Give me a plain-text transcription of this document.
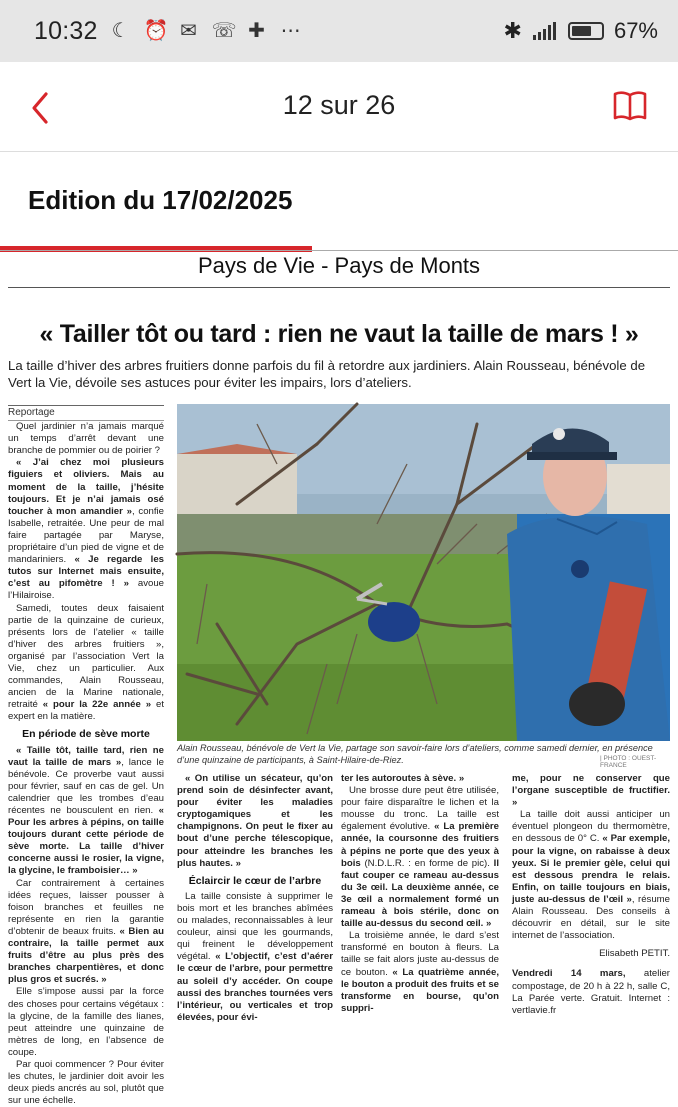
10:32 ☾ ⏰ ✉ ☏ ✚ ⋯	✱	67%
12 sur 26
Edition du 17/02/2025
Pays de Vie - Pays de Monts
« Tailler tôt ou tard : rien ne vaut la taille de mars ! »
La taille d’hiver des arbres fruitiers donne parfois du fil à retordre aux jardiniers. Alain Rousseau, bénévole de Vert la Vie, dévoile ses astuces pour éviter les impairs, lors d’ateliers.

Reportage

Quel jardinier n’a jamais marqué un temps d’arrêt devant une branche de pommier ou de poirier ?

« J’ai chez moi plusieurs figuiers et oliviers. Mais au moment de la taille, j’hésite toujours. Et je n’ai jamais osé toucher à mon amandier », confie Isabelle, retraitée. Une peur de mal faire partagée par Maryse, propriétaire d’un pied de vigne et de mandariniers. « Je regarde les tutos sur Internet mais ensuite, c’est au pifomètre ! » avoue l’Hilairoise.

Samedi, toutes deux faisaient partie de la quinzaine de curieux, présents lors de l’atelier « taille d’hiver des arbres fruitiers », organisé par l’association Vert la Vie, chez un particulier. Aux commandes, Alain Rousseau, ancien de la Marine nationale, retraité « pour la 22e année » et expert en la matière.

En période de sève morte

« Taille tôt, taille tard, rien ne vaut la taille de mars », lance le bénévole. Ce proverbe vaut aussi pour février, sauf en cas de gel. Un calendrier que les trombes d’eau récentes ne bousculent en rien. « Pour les arbres à pépins, on taille toujours durant cette période de sève morte. La taille d’hiver concerne aussi le rosier, la vigne, la glycine, le framboisier… »

Car contrairement à certaines idées reçues, laisser pousser à foison branches et feuilles ne représente en rien la garantie d’obtenir de beaux fruits. « Bien au contraire, la taille permet aux fruits d’être au plus près des branches charpentières, et donc plus gros et sucrés. »

Elle s’impose aussi par la force des choses pour certains végétaux : la glycine, de la famille des lianes, peut atteindre une quinzaine de mètres de long, en l’absence de coupe.

Par quoi commencer ? Pour éviter les chutes, le jardinier doit avoir les deux pieds ancrés au sol, plutôt que sur une échelle.

Alain Rousseau, bénévole de Vert la Vie, partage son savoir-faire lors d’ateliers, comme samedi dernier, en présence d’une quinzaine de participants, à Saint-Hilaire-de-Riez.	| PHOTO : OUEST-FRANCE

« On utilise un sécateur, qu’on prend soin de désinfecter avant, pour éviter les maladies cryptogamiques et les champignons. On peut le fixer au bout d’une perche télescopique, pour atteindre les branches les plus hautes. »

Éclaircir le cœur de l’arbre

La taille consiste à supprimer le bois mort et les branches abîmées ou malades, reconnaissables à leur couleur, ainsi que les gourmands, qui freinent le développement végétal. « L’objectif, c’est d’aérer le cœur de l’arbre, pour permettre au soleil d’y accéder. On coupe aussi des branches tournées vers l’intérieur, ou verticales et trop élevées, pour évi-

ter les autoroutes à sève. »

Une brosse dure peut être utilisée, pour faire disparaître le lichen et la mousse du tronc. La taille est également évolutive. « La première année, la coursonne des fruitiers à pépins ne porte que des yeux à bois (N.D.L.R. : en forme de pic). Il faut couper ce rameau au-dessus du 3e œil. La deuxième année, ce 3e œil a normalement formé un rameau à bois stérile, donc on taille au-dessus du second œil. »

La troisième année, le dard s’est transformé en bouton à fleurs. La taille se fait alors juste au-dessus de ce bouton. « La quatrième année, le bouton a produit des fruits et se transforme en bourse, qu’on suppri-

me, pour ne conserver que l’organe susceptible de fructifier. »

La taille doit aussi anticiper un éventuel plongeon du thermomètre, en dessous de 0° C. « Par exemple, pour la vigne, on rabaisse à deux yeux. Si le premier gèle, celui qui est dessous prendra le relais. Enfin, on taille toujours en biais, juste au-dessus de l’œil », résume Alain Rousseau. Des conseils à découvrir en détail, sur le site internet de l’association.

Elisabeth PETIT.

Vendredi 14 mars, atelier compostage, de 20 h à 22 h, salle C, La Parée verte. Gratuit. Internet : vertlavie.fr
